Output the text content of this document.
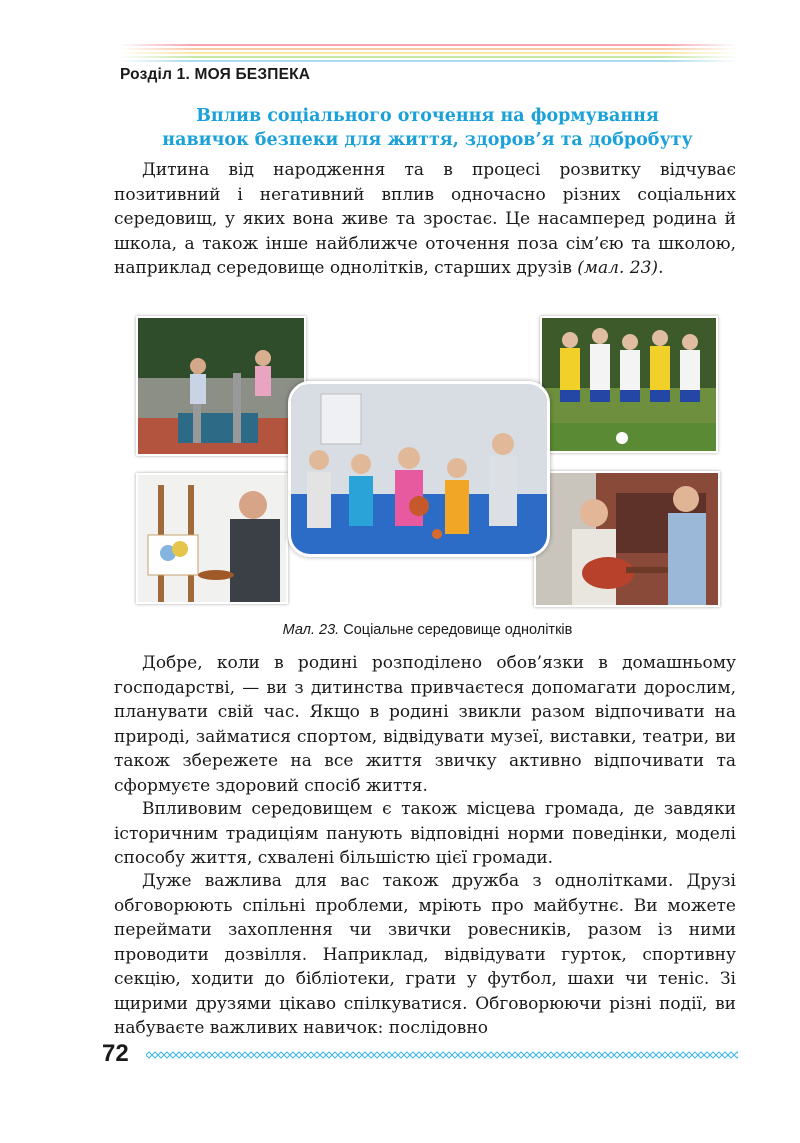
Розділ 1. МОЯ БЕЗПЕКА
Вплив соціального оточення на формування
навичок безпеки для життя, здоров’я та добробуту
Дитина від народження та в процесі розвитку відчуває позитивний і негативний вплив одночасно різних соціальних середовищ, у яких вона живе та зростає. Це насамперед родина й школа, а також інше найближче оточення поза сім’єю та школою, наприклад середовище однолітків, старших друзів (мал. 23).
Мал. 23. Соціальне середовище однолітків
Добре, коли в родині розподілено обов’язки в домашньому господарстві, — ви з дитинства привчаєтеся допомагати дорослим, планувати свій час. Якщо в родині звикли разом відпочивати на природі, займатися спортом, відвідувати музеї, виставки, театри, ви також збережете на все життя звичку активно відпочивати та сформуєте здоровий спосіб життя.
Впливовим середовищем є також місцева громада, де завдяки історичним традиціям панують відповідні норми поведінки, моделі способу життя, схвалені більшістю цієї громади.
Дуже важлива для вас також дружба з однолітками. Друзі обговорюють спільні проблеми, мріють про майбутнє. Ви можете переймати захоплення чи звички ровесників, разом із ними проводити дозвілля. Наприклад, відвідувати гурток, спортивну секцію, ходити до бібліотеки, грати у футбол, шахи чи теніс. Зі щирими друзями цікаво спілкуватися. Обговорюючи різні події, ви набуваєте важливих навичок: послідовно
72
